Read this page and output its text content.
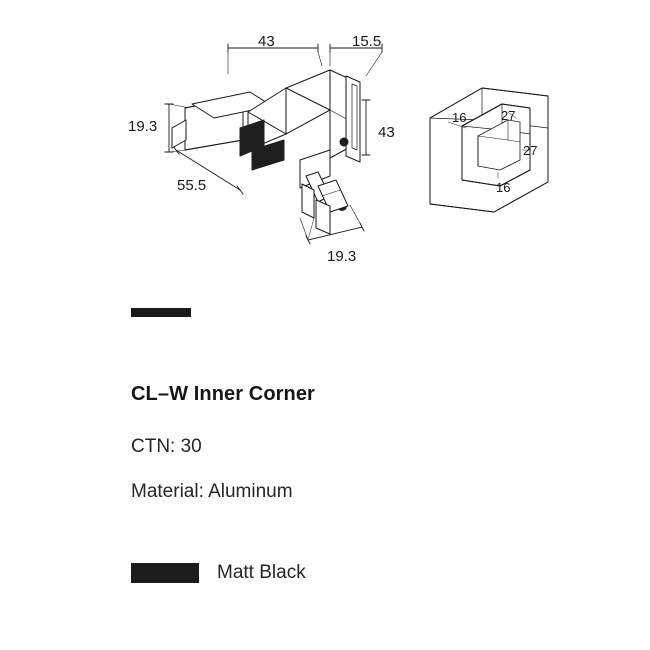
43	15.5
19.3	43
55.5
19.3
16	27
27
16
CL–W Inner Corner
CTN: 30
Material: Aluminum
Matt Black
